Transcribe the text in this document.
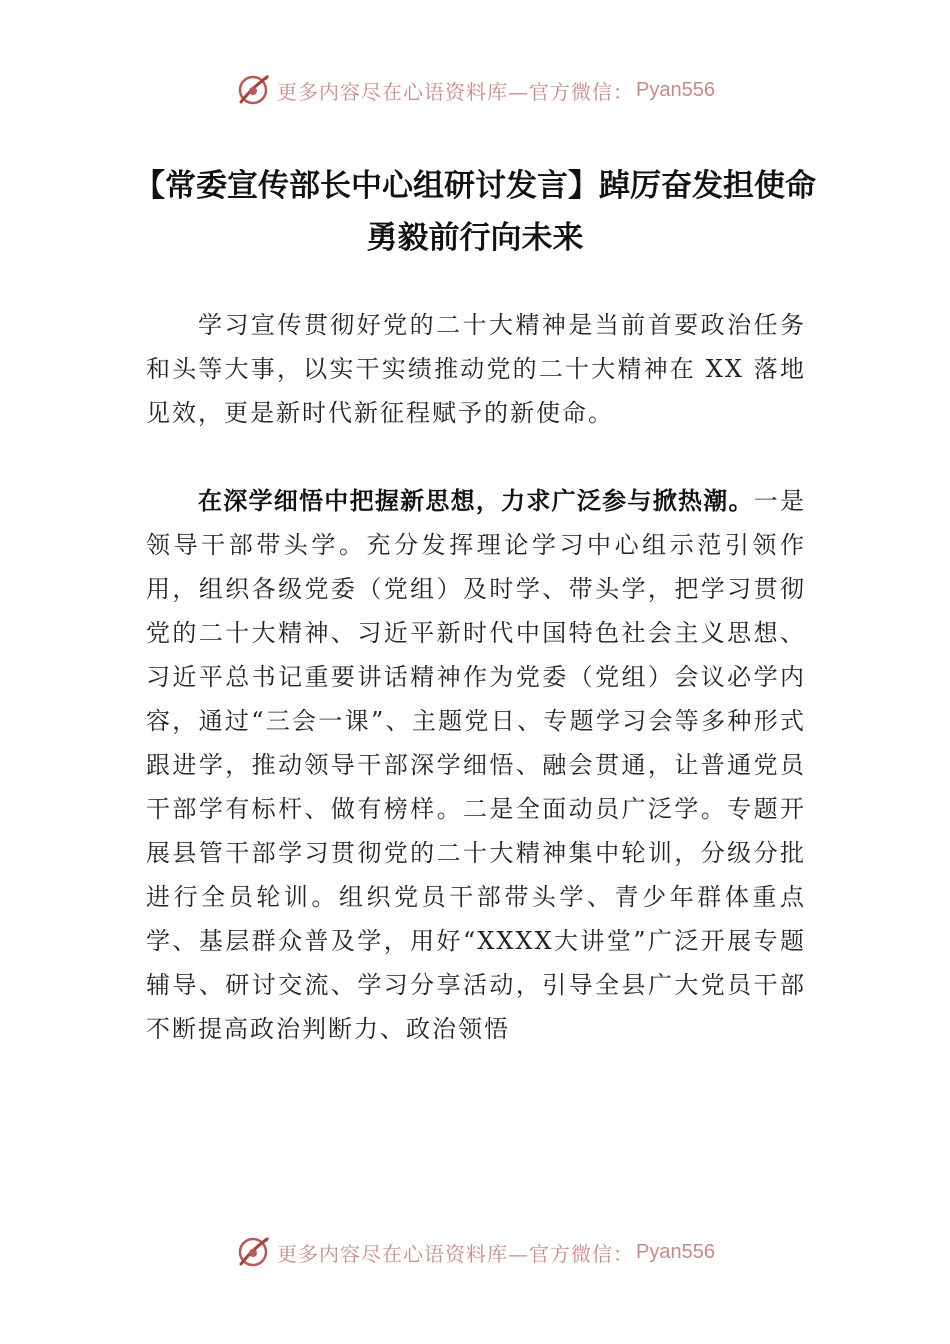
更多内容尽在心语资料库—官方微信： Pyan556
【常委宣传部长中心组研讨发言】踔厉奋发担使命 勇毅前行向未来
学习宣传贯彻好党的二十大精神是当前首要政治任务和头等大事，以实干实绩推动党的二十大精神在 XX 落地见效，更是新时代新征程赋予的新使命。
在深学细悟中把握新思想，力求广泛参与掀热潮。一是领导干部带头学。充分发挥理论学习中心组示范引领作用，组织各级党委（党组）及时学、带头学，把学习贯彻党的二十大精神、习近平新时代中国特色社会主义思想、习近平总书记重要讲话精神作为党委（党组）会议必学内容，通过“三会一课”、主题党日、专题学习会等多种形式跟进学，推动领导干部深学细悟、融会贯通，让普通党员干部学有标杆、做有榜样。二是全面动员广泛学。专题开展县管干部学习贯彻党的二十大精神集中轮训，分级分批进行全员轮训。组织党员干部带头学、青少年群体重点学、基层群众普及学，用好“XXXX大讲堂”广泛开展专题辅导、研讨交流、学习分享活动，引导全县广大党员干部不断提高政治判断力、政治领悟
更多内容尽在心语资料库—官方微信： Pyan556
